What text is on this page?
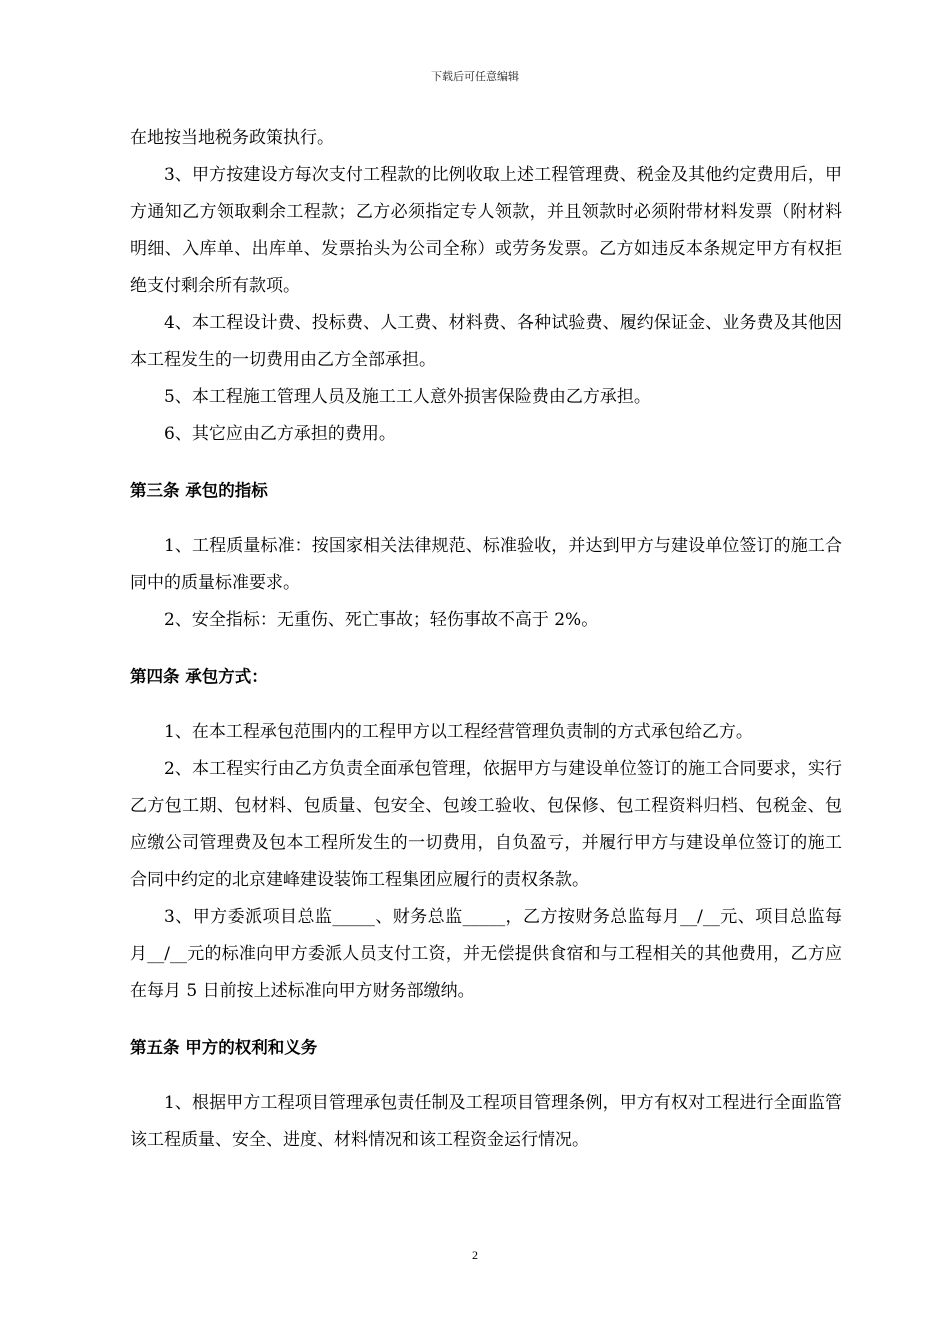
下载后可任意编辑

在地按当地税务政策执行。

3、甲方按建设方每次支付工程款的比例收取上述工程管理费、税金及其他约定费用后，甲方通知乙方领取剩余工程款；乙方必须指定专人领款，并且领款时必须附带材料发票（附材料明细、入库单、出库单、发票抬头为公司全称）或劳务发票。乙方如违反本条规定甲方有权拒绝支付剩余所有款项。

4、本工程设计费、投标费、人工费、材料费、各种试验费、履约保证金、业务费及其他因本工程发生的一切费用由乙方全部承担。

5、本工程施工管理人员及施工工人意外损害保险费由乙方承担。

6、其它应由乙方承担的费用。

第三条 承包的指标

1、工程质量标准：按国家相关法律规范、标准验收，并达到甲方与建设单位签订的施工合同中的质量标准要求。

2、安全指标：无重伤、死亡事故；轻伤事故不高于 2%。

第四条 承包方式：

1、在本工程承包范围内的工程甲方以工程经营管理负责制的方式承包给乙方。

2、本工程实行由乙方负责全面承包管理，依据甲方与建设单位签订的施工合同要求，实行乙方包工期、包材料、包质量、包安全、包竣工验收、包保修、包工程资料归档、包税金、包应缴公司管理费及包本工程所发生的一切费用，自负盈亏，并履行甲方与建设单位签订的施工合同中约定的北京建峰建设装饰工程集团应履行的责权条款。

3、甲方委派项目总监_____、财务总监_____，乙方按财务总监每月__/__元、项目总监每月__/__元的标准向甲方委派人员支付工资，并无偿提供食宿和与工程相关的其他费用，乙方应在每月 5 日前按上述标准向甲方财务部缴纳。

第五条 甲方的权利和义务

1、根据甲方工程项目管理承包责任制及工程项目管理条例，甲方有权对工程进行全面监管该工程质量、安全、进度、材料情况和该工程资金运行情况。

2
